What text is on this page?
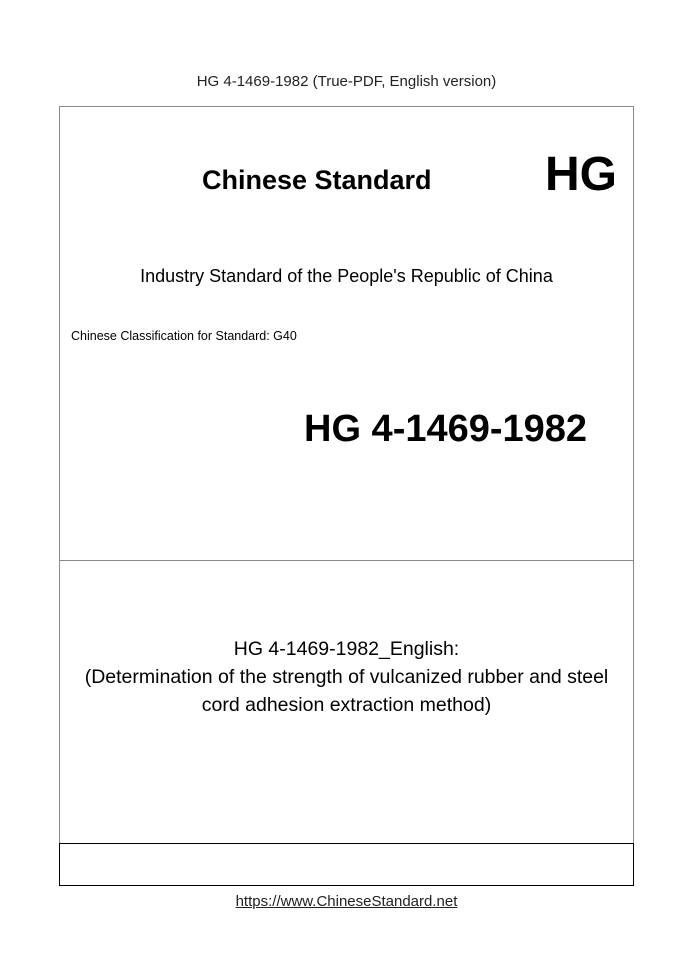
HG 4-1469-1982 (True-PDF, English version)
Chinese Standard HG
Industry Standard of the People's Republic of China
Chinese Classification for Standard: G40
HG 4-1469-1982
HG 4-1469-1982_English:
(Determination of the strength of vulcanized rubber and steel
cord adhesion extraction method)
https://www.ChineseStandard.net
